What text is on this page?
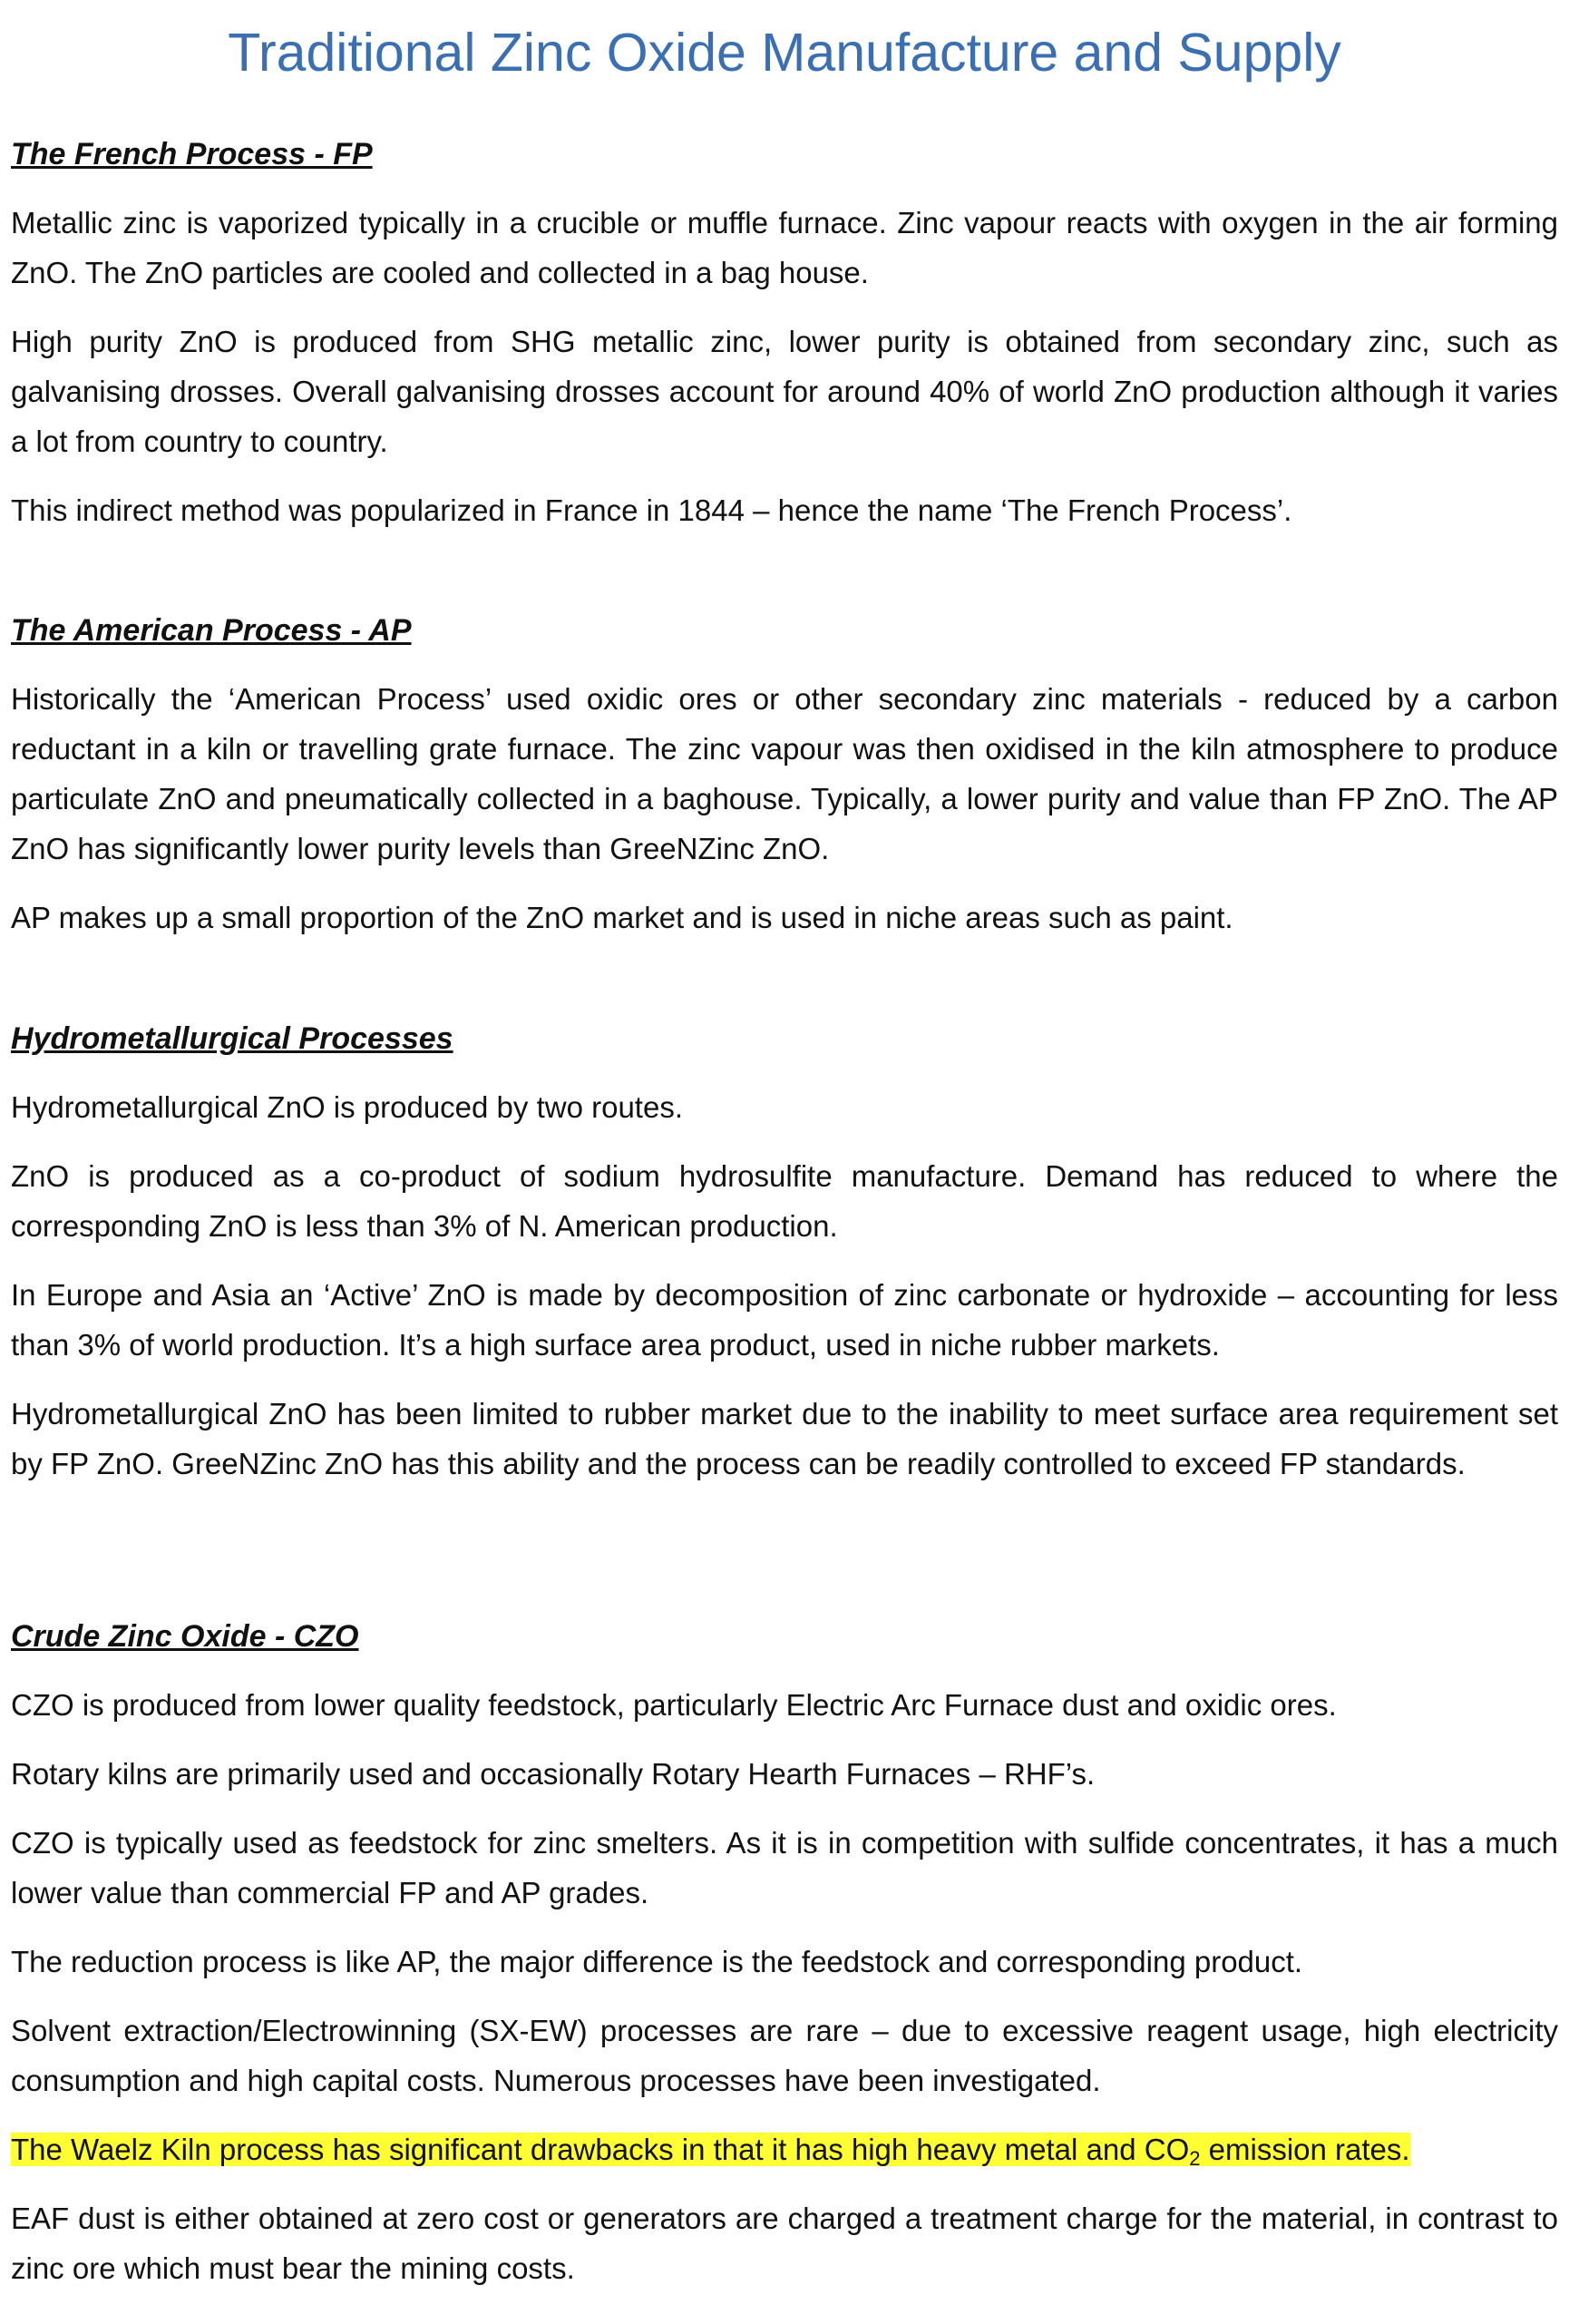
Traditional Zinc Oxide Manufacture and Supply
The French Process - FP

Metallic zinc is vaporized typically in a crucible or muffle furnace. Zinc vapour reacts with oxygen in the air forming ZnO. The ZnO particles are cooled and collected in a bag house.

High purity ZnO is produced from SHG metallic zinc, lower purity is obtained from secondary zinc, such as galvanising drosses. Overall galvanising drosses account for around 40% of world ZnO production although it varies a lot from country to country.

This indirect method was popularized in France in 1844 – hence the name ‘The French Process’.

The American Process - AP

Historically the ‘American Process’ used oxidic ores or other secondary zinc materials - reduced by a carbon reductant in a kiln or travelling grate furnace. The zinc vapour was then oxidised in the kiln atmosphere to produce particulate ZnO and pneumatically collected in a baghouse. Typically, a lower purity and value than FP ZnO. The AP ZnO has significantly lower purity levels than GreeNZinc ZnO.

AP makes up a small proportion of the ZnO market and is used in niche areas such as paint.

Hydrometallurgical Processes

Hydrometallurgical ZnO is produced by two routes.

ZnO is produced as a co-product of sodium hydrosulfite manufacture. Demand has reduced to where the corresponding ZnO is less than 3% of N. American production.

In Europe and Asia an ‘Active’ ZnO is made by decomposition of zinc carbonate or hydroxide – accounting for less than 3% of world production. It’s a high surface area product, used in niche rubber markets.

Hydrometallurgical ZnO has been limited to rubber market due to the inability to meet surface area requirement set by FP ZnO. GreeNZinc ZnO has this ability and the process can be readily controlled to exceed FP standards.

Crude Zinc Oxide - CZO

CZO is produced from lower quality feedstock, particularly Electric Arc Furnace dust and oxidic ores.

Rotary kilns are primarily used and occasionally Rotary Hearth Furnaces – RHF’s.

CZO is typically used as feedstock for zinc smelters. As it is in competition with sulfide concentrates, it has a much lower value than commercial FP and AP grades.

The reduction process is like AP, the major difference is the feedstock and corresponding product.

Solvent extraction/Electrowinning (SX-EW) processes are rare – due to excessive reagent usage, high electricity consumption and high capital costs. Numerous processes have been investigated.

The Waelz Kiln process has significant drawbacks in that it has high heavy metal and $CO_2$ emission rates.

EAF dust is either obtained at zero cost or generators are charged a treatment charge for the material, in contrast to zinc ore which must bear the mining costs.
